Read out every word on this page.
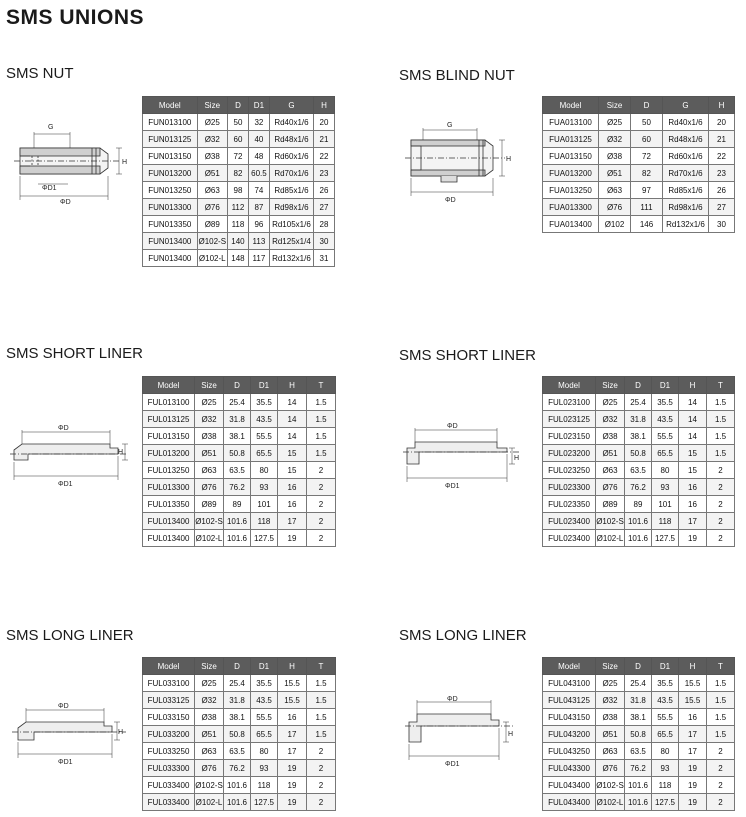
SMS UNIONS
SMS NUT
G
H
ΦD1
ΦD
Model	Size	D	D1	G	H
FUN013100	Ø25	50	32	Rd40x1/6	20
FUN013125	Ø32	60	40	Rd48x1/6	21
FUN013150	Ø38	72	48	Rd60x1/6	22
FUN013200	Ø51	82	60.5	Rd70x1/6	23
FUN013250	Ø63	98	74	Rd85x1/6	26
FUN013300	Ø76	112	87	Rd98x1/6	27
FUN013350	Ø89	118	96	Rd105x1/6	28
FUN013400	Ø102-S	140	113	Rd125x1/4	30
FUN013400	Ø102-L	148	117	Rd132x1/6	31
SMS BLIND NUT
G
H
ΦD
Model	Size	D	G	H
FUA013100	Ø25	50	Rd40x1/6	20
FUA013125	Ø32	60	Rd48x1/6	21
FUA013150	Ø38	72	Rd60x1/6	22
FUA013200	Ø51	82	Rd70x1/6	23
FUA013250	Ø63	97	Rd85x1/6	26
FUA013300	Ø76	111	Rd98x1/6	27
FUA013400	Ø102	146	Rd132x1/6	30
SMS SHORT LINER
ΦD
H
ΦD1
Model	Size	D	D1	H	T
FUL013100	Ø25	25.4	35.5	14	1.5
FUL013125	Ø32	31.8	43.5	14	1.5
FUL013150	Ø38	38.1	55.5	14	1.5
FUL013200	Ø51	50.8	65.5	15	1.5
FUL013250	Ø63	63.5	80	15	2
FUL013300	Ø76	76.2	93	16	2
FUL013350	Ø89	89	101	16	2
FUL013400	Ø102-S	101.6	118	17	2
FUL013400	Ø102-L	101.6	127.5	19	2
SMS SHORT LINER
ΦD
H
ΦD1
Model	Size	D	D1	H	T
FUL023100	Ø25	25.4	35.5	14	1.5
FUL023125	Ø32	31.8	43.5	14	1.5
FUL023150	Ø38	38.1	55.5	14	1.5
FUL023200	Ø51	50.8	65.5	15	1.5
FUL023250	Ø63	63.5	80	15	2
FUL023300	Ø76	76.2	93	16	2
FUL023350	Ø89	89	101	16	2
FUL023400	Ø102-S	101.6	118	17	2
FUL023400	Ø102-L	101.6	127.5	19	2
SMS LONG LINER
ΦD
H
ΦD1
Model	Size	D	D1	H	T
FUL033100	Ø25	25.4	35.5	15.5	1.5
FUL033125	Ø32	31.8	43.5	15.5	1.5
FUL033150	Ø38	38.1	55.5	16	1.5
FUL033200	Ø51	50.8	65.5	17	1.5
FUL033250	Ø63	63.5	80	17	2
FUL033300	Ø76	76.2	93	19	2
FUL033400	Ø102-S	101.6	118	19	2
FUL033400	Ø102-L	101.6	127.5	19	2
SMS LONG LINER
ΦD
H
ΦD1
Model	Size	D	D1	H	T
FUL043100	Ø25	25.4	35.5	15.5	1.5
FUL043125	Ø32	31.8	43.5	15.5	1.5
FUL043150	Ø38	38.1	55.5	16	1.5
FUL043200	Ø51	50.8	65.5	17	1.5
FUL043250	Ø63	63.5	80	17	2
FUL043300	Ø76	76.2	93	19	2
FUL043400	Ø102-S	101.6	118	19	2
FUL043400	Ø102-L	101.6	127.5	19	2
